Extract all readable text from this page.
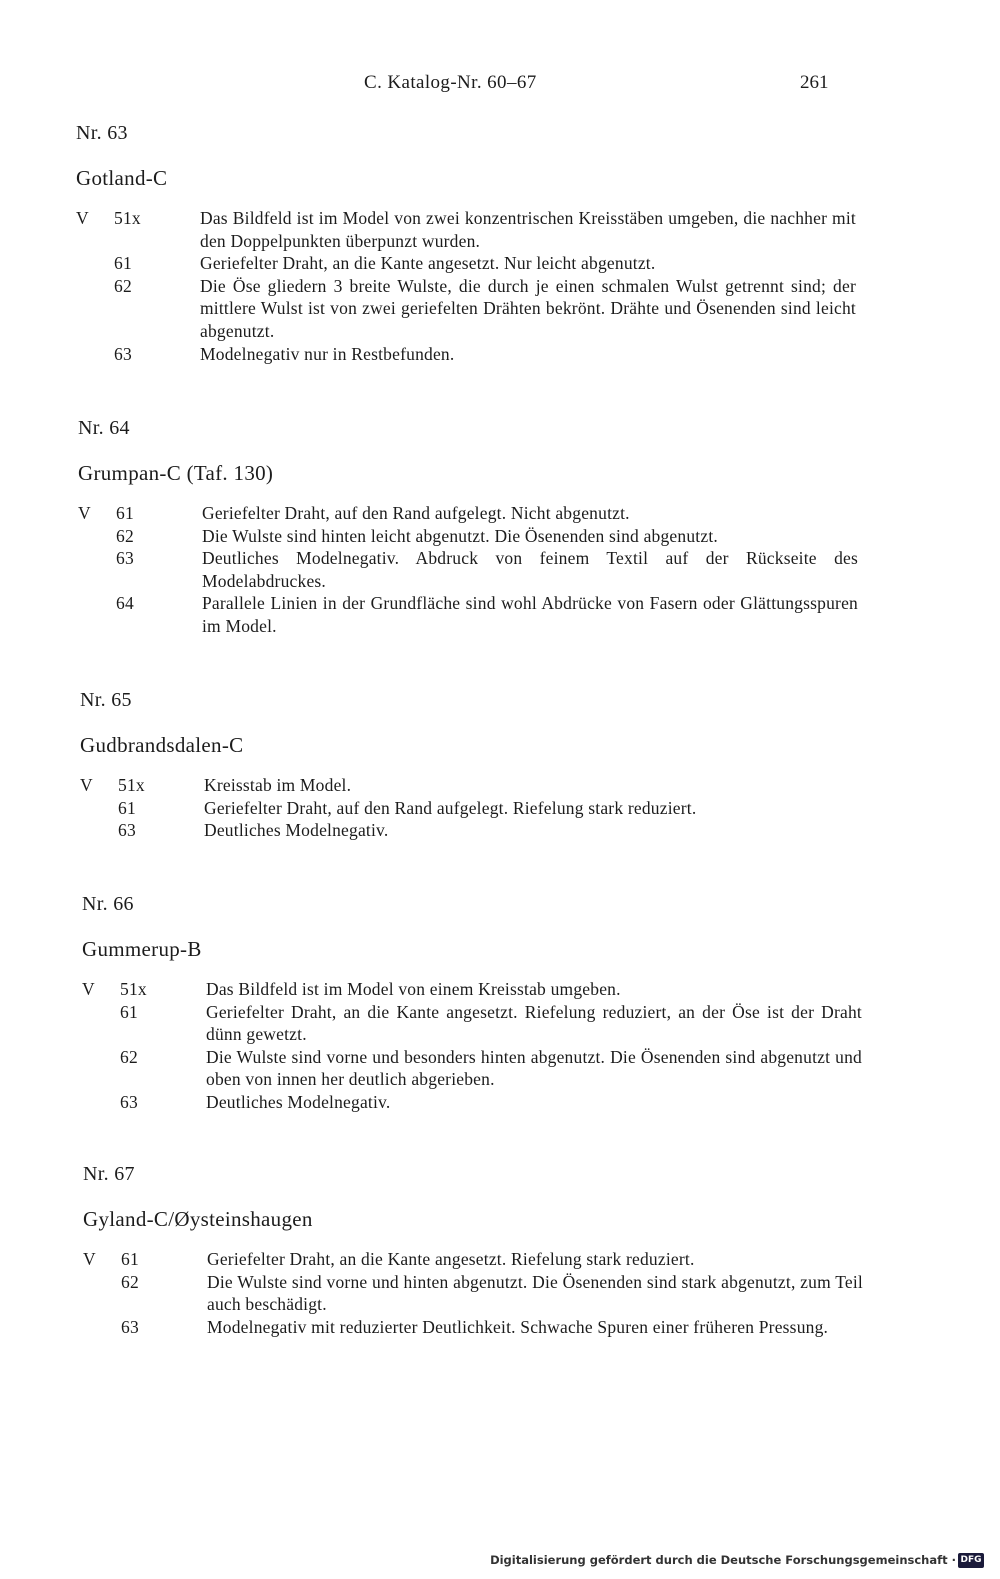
C. Katalog-Nr. 60–67	261
Nr. 63
Gotland-C
V	51x	Das Bildfeld ist im Model von zwei konzentrischen Kreisstäben umgeben, die nachher mit den Doppelpunkten überpunzt wurden.
61	Geriefelter Draht, an die Kante angesetzt. Nur leicht abgenutzt.
62	Die Öse gliedern 3 breite Wulste, die durch je einen schmalen Wulst getrennt sind; der mittlere Wulst ist von zwei geriefelten Drähten bekrönt. Drähte und Ösenenden sind leicht abgenutzt.
63	Modelnegativ nur in Restbefunden.
Nr. 64
Grumpan-C (Taf. 130)
V	61	Geriefelter Draht, auf den Rand aufgelegt. Nicht abgenutzt.
62	Die Wulste sind hinten leicht abgenutzt. Die Ösenenden sind abgenutzt.
63	Deutliches Modelnegativ. Abdruck von feinem Textil auf der Rückseite des Modelabdruckes.
64	Parallele Linien in der Grundfläche sind wohl Abdrücke von Fasern oder Glättungsspuren im Model.
Nr. 65
Gudbrandsdalen-C
V	51x	Kreisstab im Model.
61	Geriefelter Draht, auf den Rand aufgelegt. Riefelung stark reduziert.
63	Deutliches Modelnegativ.
Nr. 66
Gummerup-B
V	51x	Das Bildfeld ist im Model von einem Kreisstab umgeben.
61	Geriefelter Draht, an die Kante angesetzt. Riefelung reduziert, an der Öse ist der Draht dünn gewetzt.
62	Die Wulste sind vorne und besonders hinten abgenutzt. Die Ösenenden sind abgenutzt und oben von innen her deutlich abgerieben.
63	Deutliches Modelnegativ.
Nr. 67
Gyland-C/Øysteinshaugen
V	61	Geriefelter Draht, an die Kante angesetzt. Riefelung stark reduziert.
62	Die Wulste sind vorne und hinten abgenutzt. Die Ösenenden sind stark abgenutzt, zum Teil auch beschädigt.
63	Modelnegativ mit reduzierter Deutlichkeit. Schwache Spuren einer früheren Pressung.
Digitalisierung gefördert durch die Deutsche Forschungsgemeinschaft · DFG
